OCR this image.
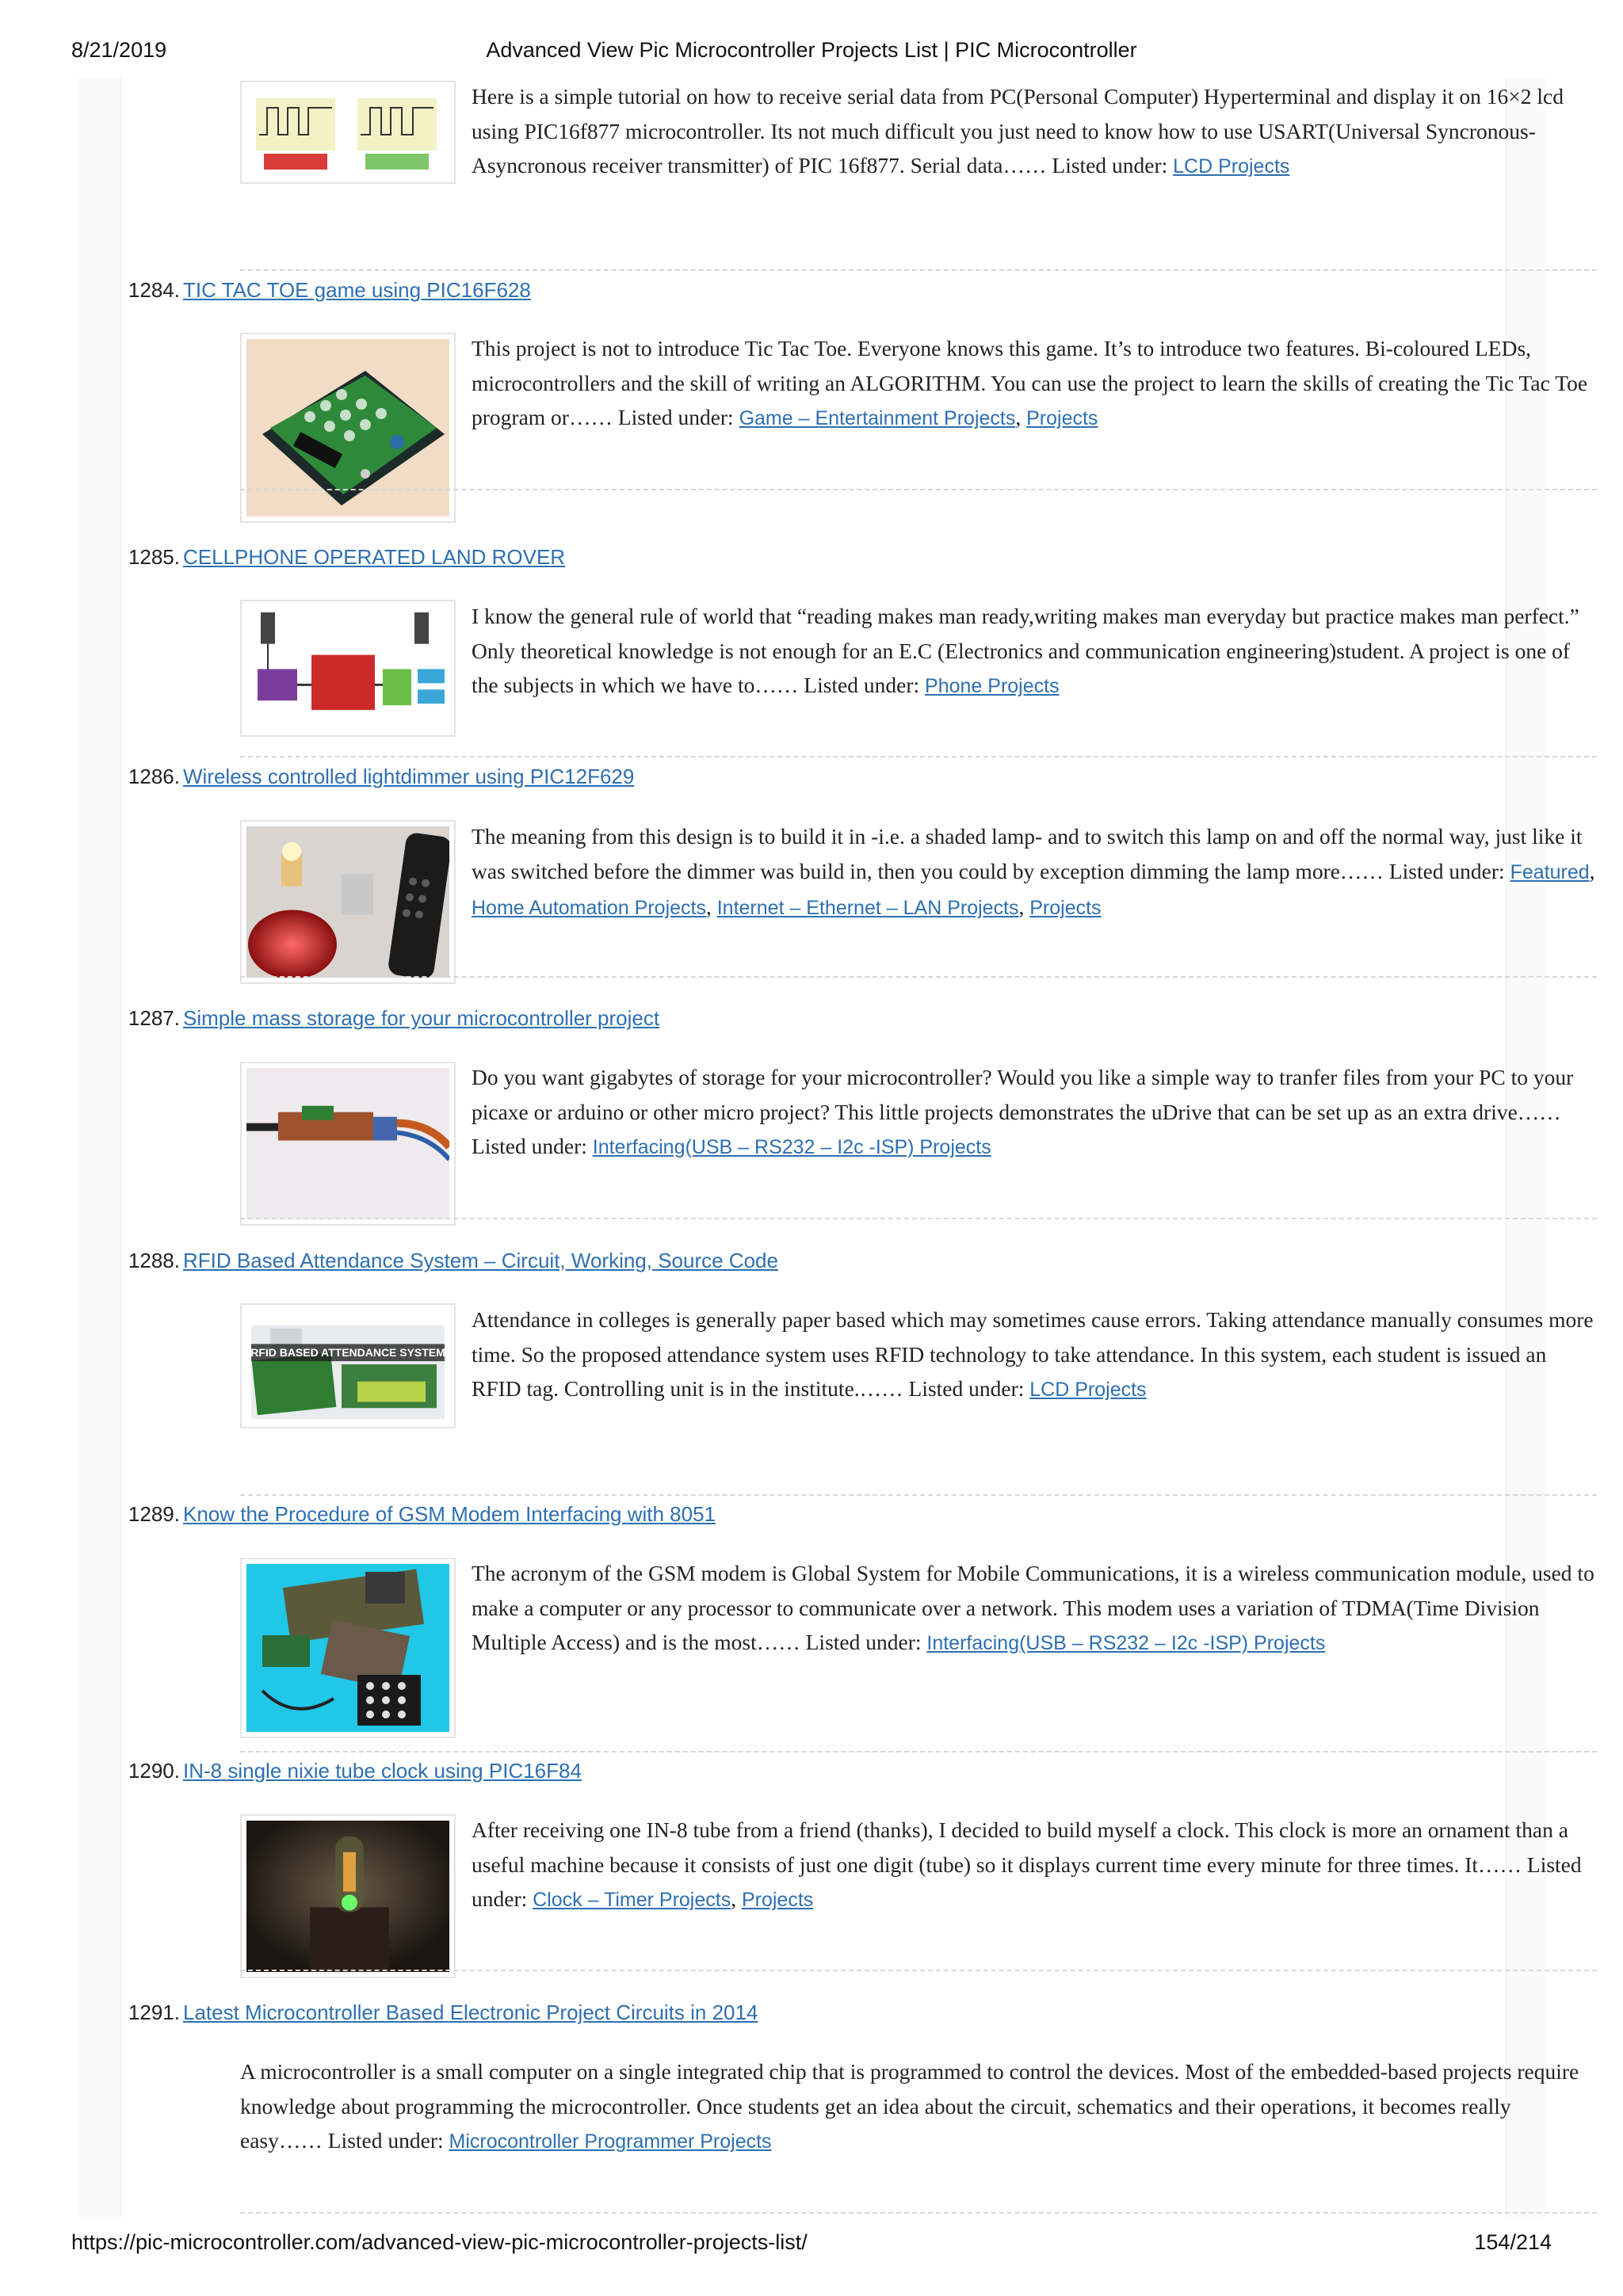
8/21/2019	Advanced View Pic Microcontroller Projects List | PIC Microcontroller
Here is a simple tutorial on how to receive serial data from PC(Personal Computer) Hyperterminal and display it on 16×2 lcd using PIC16f877 microcontroller. Its not much difficult you just need to know how to use USART(Universal Syncronous-Asyncronous receiver transmitter) of PIC 16f877. Serial data…… Listed under: LCD Projects
1284. TIC TAC TOE game using PIC16F628
This project is not to introduce Tic Tac Toe. Everyone knows this game. It’s to introduce two features. Bi-coloured LEDs, microcontrollers and the skill of writing an ALGORITHM. You can use the project to learn the skills of creating the Tic Tac Toe program or…… Listed under: Game – Entertainment Projects, Projects
1285. CELLPHONE OPERATED LAND ROVER
I know the general rule of world that “reading makes man ready,writing makes man everyday but practice makes man perfect.” Only theoretical knowledge is not enough for an E.C (Electronics and communication engineering)student. A project is one of the subjects in which we have to…… Listed under: Phone Projects
1286. Wireless controlled lightdimmer using PIC12F629
The meaning from this design is to build it in -i.e. a shaded lamp- and to switch this lamp on and off the normal way, just like it was switched before the dimmer was build in, then you could by exception dimming the lamp more…… Listed under: Featured, Home Automation Projects, Internet – Ethernet – LAN Projects, Projects
1287. Simple mass storage for your microcontroller project
Do you want gigabytes of storage for your microcontroller? Would you like a simple way to tranfer files from your PC to your picaxe or arduino or other micro project? This little projects demonstrates the uDrive that can be set up as an extra drive…… Listed under: Interfacing(USB – RS232 – I2c -ISP) Projects
1288. RFID Based Attendance System – Circuit, Working, Source Code
RFID BASED ATTENDANCE SYSTEM
Attendance in colleges is generally paper based which may sometimes cause errors. Taking attendance manually consumes more time. So the proposed attendance system uses RFID technology to take attendance. In this system, each student is issued an RFID tag. Controlling unit is in the institute.…… Listed under: LCD Projects
1289. Know the Procedure of GSM Modem Interfacing with 8051
The acronym of the GSM modem is Global System for Mobile Communications, it is a wireless communication module, used to make a computer or any processor to communicate over a network. This modem uses a variation of TDMA(Time Division Multiple Access) and is the most…… Listed under: Interfacing(USB – RS232 – I2c -ISP) Projects
1290. IN-8 single nixie tube clock using PIC16F84
After receiving one IN-8 tube from a friend (thanks), I decided to build myself a clock. This clock is more an ornament than a useful machine because it consists of just one digit (tube) so it displays current time every minute for three times. It…… Listed under: Clock – Timer Projects, Projects
1291. Latest Microcontroller Based Electronic Project Circuits in 2014
A microcontroller is a small computer on a single integrated chip that is programmed to control the devices. Most of the embedded-based projects require knowledge about programming the microcontroller. Once students get an idea about the circuit, schematics and their operations, it becomes really easy…… Listed under: Microcontroller Programmer Projects
https://pic-microcontroller.com/advanced-view-pic-microcontroller-projects-list/	154/214
